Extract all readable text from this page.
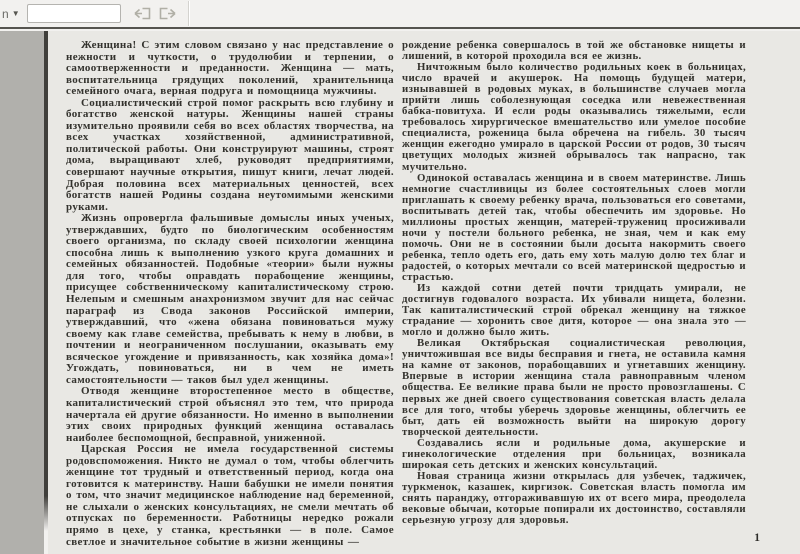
n ▼

Женщина! С этим словом связано у нас представление о нежности и чуткости, о трудолюбии и терпении, о самоотверженности и преданности. Женщина — мать, воспитательница грядущих поколений, хранительница семейного очага, верная подруга и помощница мужчины.

Социалистический строй помог раскрыть всю глубину и богатство женской натуры. Женщины нашей страны изумительно проявили себя во всех областях творчества, на всех участках хозяйственной, административной, политической работы. Они конструируют машины, строят дома, выращивают хлеб, руководят предприятиями, совершают научные открытия, пишут книги, лечат людей. Добрая половина всех материальных ценностей, всех богатств нашей Родины создана неутомимыми женскими руками.

Жизнь опровергла фальшивые домыслы иных ученых, утверждавших, будто по биологическим особенностям своего организма, по складу своей психологии женщина способна лишь к выполнению узкого круга домашних и семейных обязанностей. Подобные «теории» были нужны для того, чтобы оправдать порабощение женщины, присущее собственническому капиталистическому строю. Нелепым и смешным анахронизмом звучит для нас сейчас параграф из Свода законов Российской империи, утверждавший, что «жена обязана повиноваться мужу своему как главе семейства, пребывать к нему в любви, в почтении и неограниченном послушании, оказывать ему всяческое угождение и привязанность, как хозяйка дома»! Угождать, повиноваться, ни в чем не иметь самостоятельности — таков был удел женщины.

Отводя женщине второстепенное место в обществе, капиталистический строй объяснял это тем, что природа начертала ей другие обязанности. Но именно в выполнении этих своих природных функций женщина оставалась наиболее беспомощной, бесправной, униженной.

Царская Россия не имела государственной системы родовспоможения. Никто не думал о том, чтобы облегчить женщине тот трудный и ответственный период, когда она готовится к материнству. Наши бабушки не имели понятия о том, что значит медицинское наблюдение над беременной, не слыхали о женских консультациях, не смели мечтать об отпусках по беременности. Работницы нередко рожали прямо в цехе, у станка, крестьянки — в поле. Самое светлое и значительное событие в жизни женщины —

рождение ребенка совершалось в той же обстановке нищеты и лишений, в которой проходила вся ее жизнь.

Ничтожным было количество родильных коек в больницах, число врачей и акушерок. На помощь будущей матери, изнывавшей в родовых муках, в большинстве случаев могла прийти лишь соболезнующая соседка или невежественная бабка-повитуха. И если роды оказывались тяжелыми, если требовалось хирургическое вмешательство или умелое пособие специалиста, роженица была обречена на гибель. 30 тысяч женщин ежегодно умирало в царской России от родов, 30 тысяч цветущих молодых жизней обрывалось так напрасно, так мучительно.

Одинокой оставалась женщина и в своем материнстве. Лишь немногие счастливицы из более состоятельных слоев могли приглашать к своему ребенку врача, пользоваться его советами, воспитывать детей так, чтобы обеспечить им здоровье. Но миллионы простых женщин, матерей-тружениц просиживали ночи у постели больного ребенка, не зная, чем и как ему помочь. Они не в состоянии были досыта накормить своего ребенка, тепло одеть его, дать ему хоть малую долю тех благ и радостей, о которых мечтали со всей материнской щедростью и страстью.

Из каждой сотни детей почти тридцать умирали, не достигнув годовалого возраста. Их убивали нищета, болезни. Так капиталистический строй обрекал женщину на тяжкое страдание — хоронить свое дитя, которое — она знала это — могло и должно было жить.

Великая Октябрьская социалистическая революция, уничтожившая все виды бесправия и гнета, не оставила камня на камне от законов, порабощавших и угнетавших женщину. Впервые в истории женщина стала равноправным членом общества. Ее великие права были не просто провозглашены. С первых же дней своего существования советская власть делала все для того, чтобы уберечь здоровье женщины, облегчить ее быт, дать ей возможность выйти на широкую дорогу творческой деятельности.

Создавались ясли и родильные дома, акушерские и гинекологические отделения при больницах, возникала широкая сеть детских и женских консультаций.

Новая страница жизни открылась для узбечек, таджичек, туркменок, казашек, киргизок. Советская власть помогла им снять паранджу, отгораживавшую их от всего мира, преодолела вековые обычаи, которые попирали их достоинство, составляли серьезную угрозу для здоровья.

1
